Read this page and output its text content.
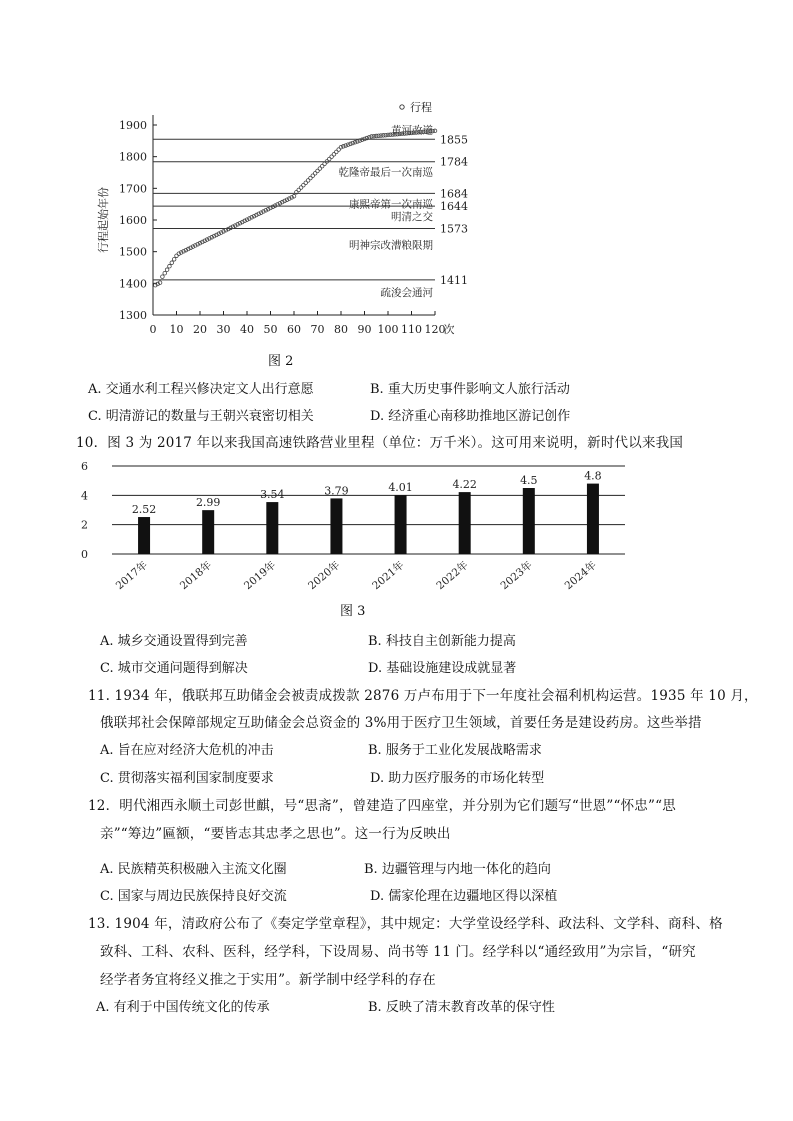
1300
1400
1500
1600
1700
1800
1900
0 10 20 30 40 50 60 70 80 90 100 110 120
次
行程起始年份
行程
1855
黄河改道
1784
乾隆帝最后一次南巡
1684
康熙帝第一次南巡 1644
明清之交
1573
明神宗改漕粮限期
1411
疏浚会通河
图 2
A. 交通水利工程兴修决定文人出行意愿	B. 重大历史事件影响文人旅行活动
C. 明清游记的数量与王朝兴衰密切相关	D. 经济重心南移助推地区游记创作
10．图 3 为 2017 年以来我国高速铁路营业里程（单位：万千米）。这可用来说明，新时代以来我国
0
2
4
6
2.52
2017年
2.99
2018年
3.54
2019年
3.79
2020年
4.01
2021年
4.22
2022年
4.5
2023年
4.8
2024年
图 3
A. 城乡交通设置得到完善	B. 科技自主创新能力提高
C. 城市交通问题得到解决	D. 基础设施建设成就显著
11. 1934 年，俄联邦互助储金会被责成拨款 2876 万卢布用于下一年度社会福利机构运营。1935 年 10 月，
俄联邦社会保障部规定互助储金会总资金的 3%用于医疗卫生领域，首要任务是建设药房。这些举措
A. 旨在应对经济大危机的冲击	B. 服务于工业化发展战略需求
C. 贯彻落实福利国家制度要求	D. 助力医疗服务的市场化转型
12．明代湘西永顺土司彭世麒，号“思斋”，曾建造了四座堂，并分别为它们题写“世恩”“怀忠”“思
亲”“筹边”匾额，“要皆志其忠孝之思也”。这一行为反映出
A. 民族精英积极融入主流文化圈	B. 边疆管理与内地一体化的趋向
C. 国家与周边民族保持良好交流	D. 儒家伦理在边疆地区得以深植
13. 1904 年，清政府公布了《奏定学堂章程》，其中规定：大学堂设经学科、政法科、文学科、商科、格
致科、工科、农科、医科，经学科，下设周易、尚书等 11 门。经学科以“通经致用”为宗旨，“研究
经学者务宜将经义推之于实用”。新学制中经学科的存在
A. 有利于中国传统文化的传承	B. 反映了清末教育改革的保守性
